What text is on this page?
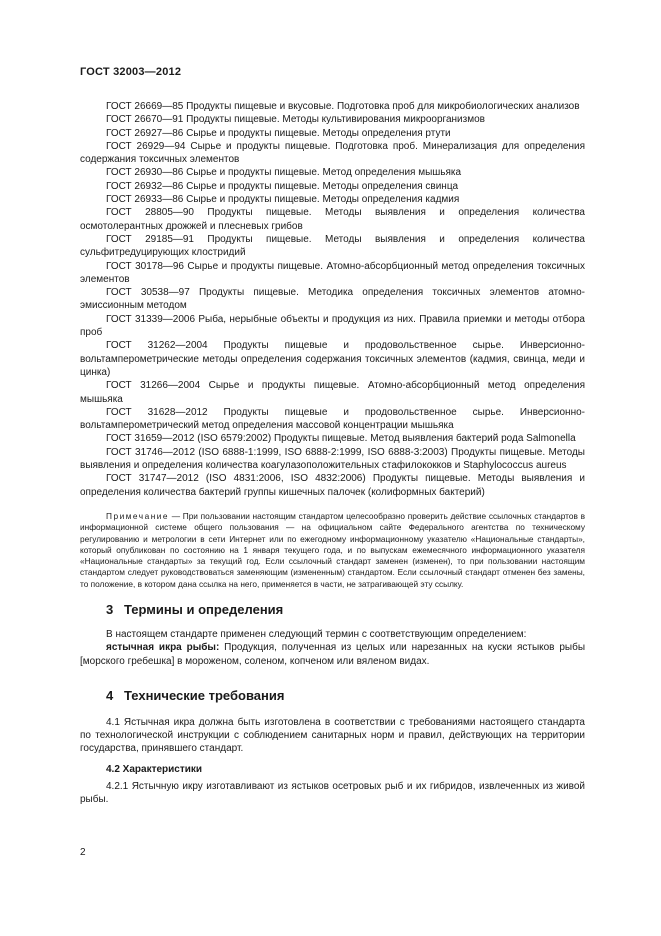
ГОСТ 32003—2012

ГОСТ 26669—85 Продукты пищевые и вкусовые. Подготовка проб для микробиологических анализов

ГОСТ 26670—91 Продукты пищевые. Методы культивирования микроорганизмов

ГОСТ 26927—86 Сырье и продукты пищевые. Методы определения ртути

ГОСТ 26929—94 Сырье и продукты пищевые. Подготовка проб. Минерализация для определения содержания токсичных элементов

ГОСТ 26930—86 Сырье и продукты пищевые. Метод определения мышьяка

ГОСТ 26932—86 Сырье и продукты пищевые. Методы определения свинца

ГОСТ 26933—86 Сырье и продукты пищевые. Методы определения кадмия

ГОСТ 28805—90 Продукты пищевые. Методы выявления и определения количества осмотолерантных дрожжей и плесневых грибов

ГОСТ 29185—91 Продукты пищевые. Методы выявления и определения количества сульфитредуцирующих клостридий

ГОСТ 30178—96 Сырье и продукты пищевые. Атомно-абсорбционный метод определения токсичных элементов

ГОСТ 30538—97 Продукты пищевые. Методика определения токсичных элементов атомно-эмиссионным методом

ГОСТ 31339—2006 Рыба, нерыбные объекты и продукция из них. Правила приемки и методы отбора проб

ГОСТ 31262—2004 Продукты пищевые и продовольственное сырье. Инверсионно-вольтамперометрические методы определения содержания токсичных элементов (кадмия, свинца, меди и цинка)

ГОСТ 31266—2004 Сырье и продукты пищевые. Атомно-абсорбционный метод определения мышьяка

ГОСТ 31628—2012 Продукты пищевые и продовольственное сырье. Инверсионно-вольтамперометрический метод определения массовой концентрации мышьяка

ГОСТ 31659—2012 (ISO 6579:2002) Продукты пищевые. Метод выявления бактерий рода Salmonella

ГОСТ 31746—2012 (ISO 6888-1:1999, ISO 6888-2:1999, ISO 6888-3:2003) Продукты пищевые. Методы выявления и определения количества коагулазоположительных стафилококков и Staphylococcus aureus

ГОСТ 31747—2012 (ISO 4831:2006, ISO 4832:2006) Продукты пищевые. Методы выявления и определения количества бактерий группы кишечных палочек (колиформных бактерий)

Примечание — При пользовании настоящим стандартом целесообразно проверить действие ссылочных стандартов в информационной системе общего пользования — на официальном сайте Федерального агентства по техническому регулированию и метрологии в сети Интернет или по ежегодному информационному указателю «Национальные стандарты», который опубликован по состоянию на 1 января текущего года, и по выпускам ежемесячного информационного указателя «Национальные стандарты» за текущий год. Если ссылочный стандарт заменен (изменен), то при пользовании настоящим стандартом следует руководствоваться заменяющим (измененным) стандартом. Если ссылочный стандарт отменен без замены, то положение, в котором дана ссылка на него, применяется в части, не затрагивающей эту ссылку.

3 Термины и определения

В настоящем стандарте применен следующий термин с соответствующим определением:

ястычная икра рыбы: Продукция, полученная из целых или нарезанных на куски ястыков рыбы [морского гребешка] в мороженом, соленом, копченом или вяленом видах.

4 Технические требования

4.1 Ястычная икра должна быть изготовлена в соответствии с требованиями настоящего стандарта по технологической инструкции с соблюдением санитарных норм и правил, действующих на территории государства, принявшего стандарт.

4.2 Характеристики

4.2.1 Ястычную икру изготавливают из ястыков осетровых рыб и их гибридов, извлеченных из живой рыбы.

2
